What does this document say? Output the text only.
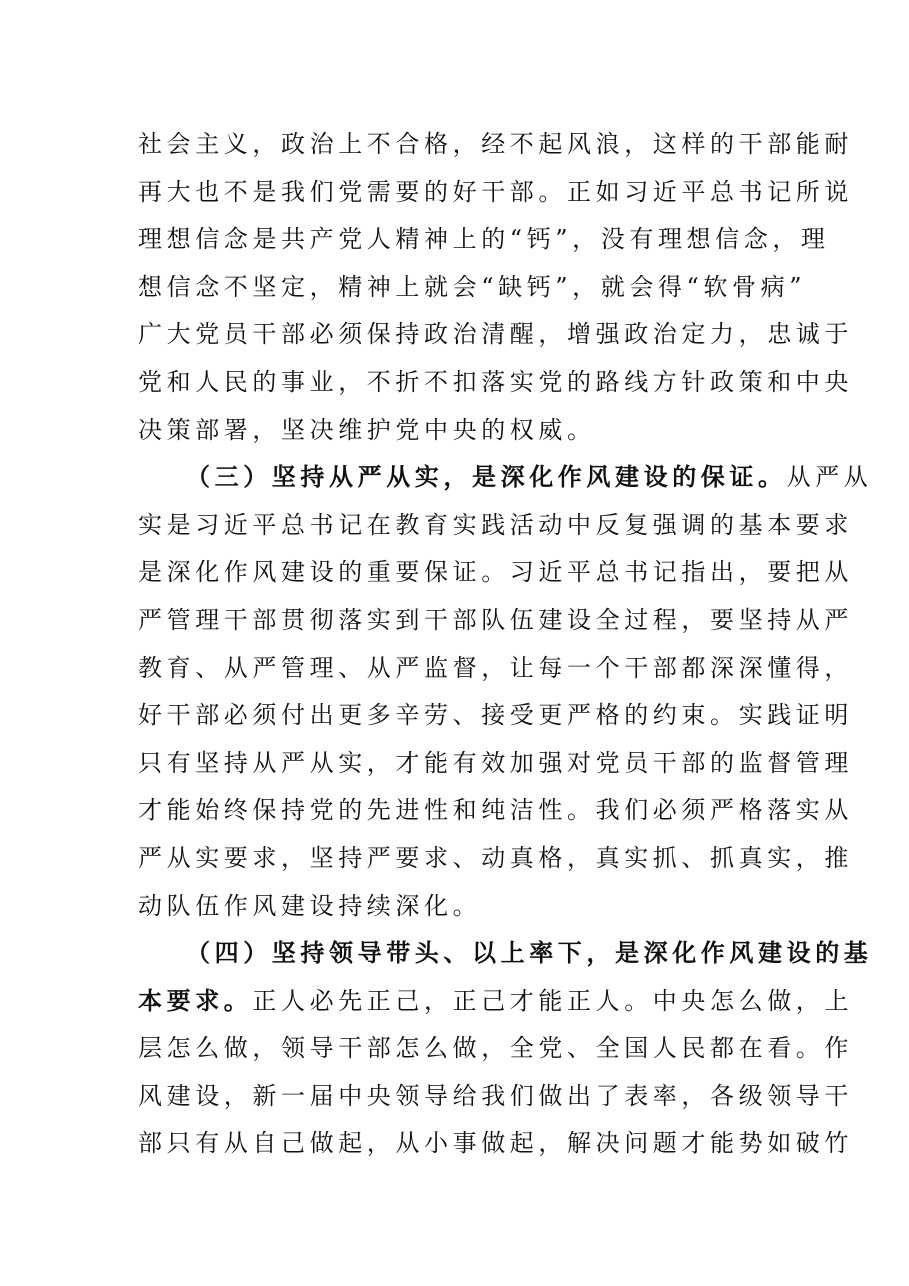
社会主义，政治上不合格，经不起风浪，这样的干部能耐
再大也不是我们党需要的好干部。正如习近平总书记所说
理想信念是共产党人精神上的“钙”，没有理想信念，理
想信念不坚定，精神上就会“缺钙”，就会得“软骨病”
广大党员干部必须保持政治清醒，增强政治定力，忠诚于
党和人民的事业，不折不扣落实党的路线方针政策和中央
决策部署，坚决维护党中央的权威。
（三）坚持从严从实，是深化作风建设的保证。从严从
实是习近平总书记在教育实践活动中反复强调的基本要求
是深化作风建设的重要保证。习近平总书记指出，要把从
严管理干部贯彻落实到干部队伍建设全过程，要坚持从严
教育、从严管理、从严监督，让每一个干部都深深懂得，
好干部必须付出更多辛劳、接受更严格的约束。实践证明
只有坚持从严从实，才能有效加强对党员干部的监督管理
才能始终保持党的先进性和纯洁性。我们必须严格落实从
严从实要求，坚持严要求、动真格，真实抓、抓真实，推
动队伍作风建设持续深化。
（四）坚持领导带头、以上率下，是深化作风建设的基
本要求。正人必先正己，正己才能正人。中央怎么做，上
层怎么做，领导干部怎么做，全党、全国人民都在看。作
风建设，新一届中央领导给我们做出了表率，各级领导干
部只有从自己做起，从小事做起，解决问题才能势如破竹
